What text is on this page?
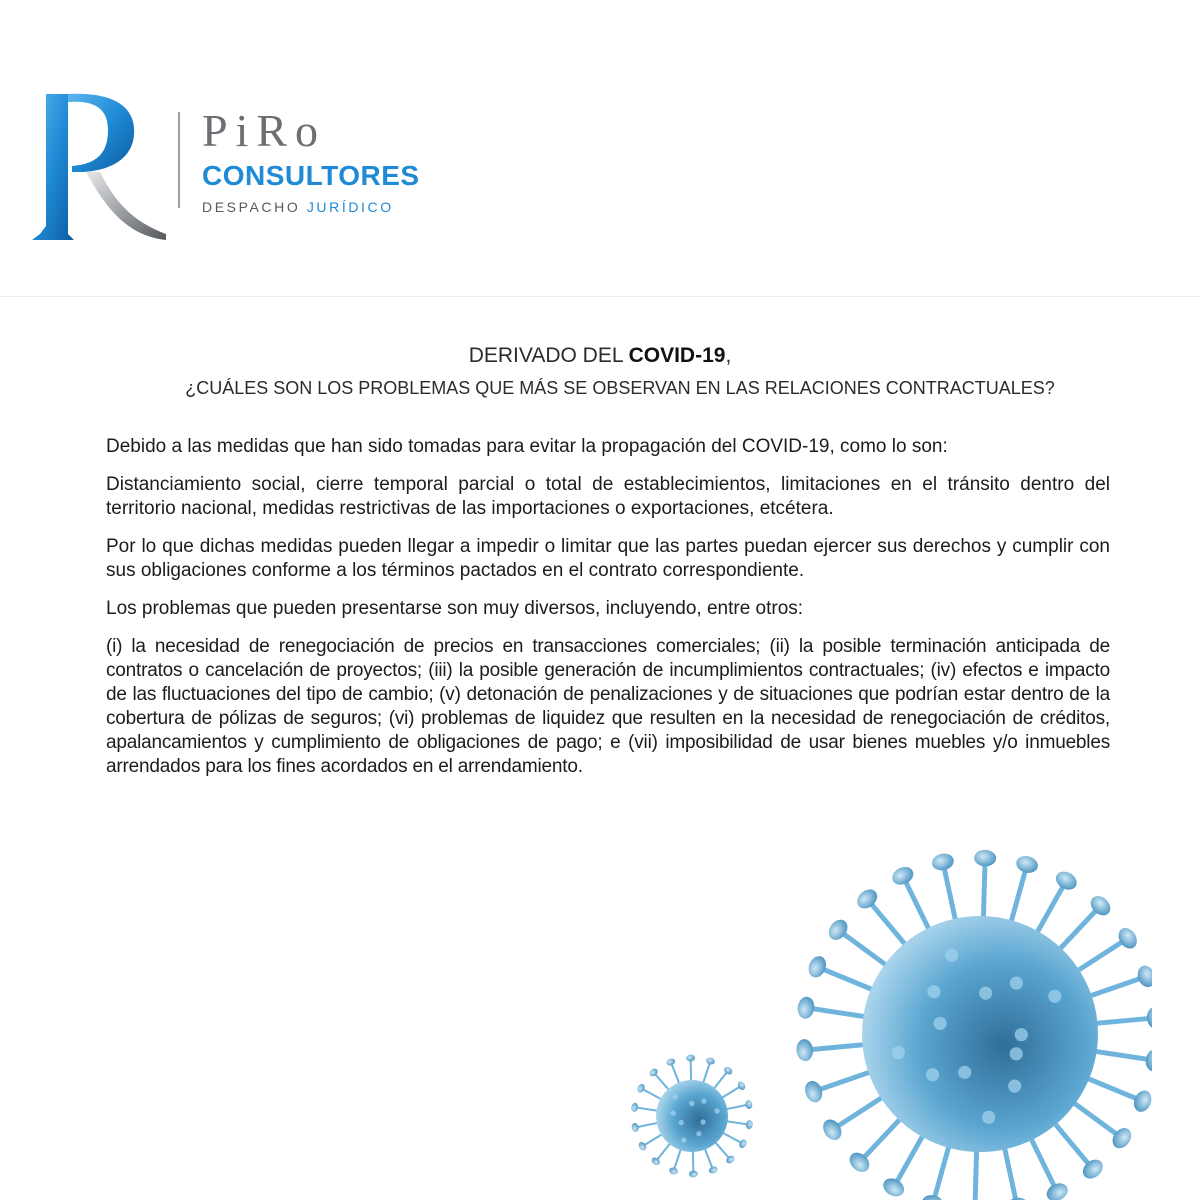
PiRo
CONSULTORES
DESPACHO JURÍDICO
DERIVADO DEL COVID-19,
¿CUÁLES SON LOS PROBLEMAS QUE MÁS SE OBSERVAN EN LAS RELACIONES CONTRACTUALES?

Debido a las medidas que han sido tomadas para evitar la propagación del COVID-19, como lo son:

Distanciamiento social, cierre temporal parcial o total de establecimientos, limitaciones en el tránsito dentro del territorio nacional, medidas restrictivas de las importaciones o exportaciones, etcétera.

Por lo que dichas medidas pueden llegar a impedir o limitar que las partes puedan ejercer sus derechos y cumplir con sus obligaciones conforme a los términos pactados en el contrato correspondiente.

Los problemas que pueden presentarse son muy diversos, incluyendo, entre otros:

(i) la necesidad de renegociación de precios en transacciones comerciales; (ii) la posible terminación anticipada de contratos o cancelación de proyectos; (iii) la posible generación de incumplimientos contractuales; (iv) efectos e impacto de las fluctuaciones del tipo de cambio; (v) detonación de penalizaciones y de situaciones que podrían estar dentro de la cobertura de pólizas de seguros; (vi) problemas de liquidez que resulten en la necesidad de renegociación de créditos, apalancamientos y cumplimiento de obligaciones de pago; e (vii) imposibilidad de usar bienes muebles y/o inmuebles arrendados para los fines acordados en el arrendamiento.
